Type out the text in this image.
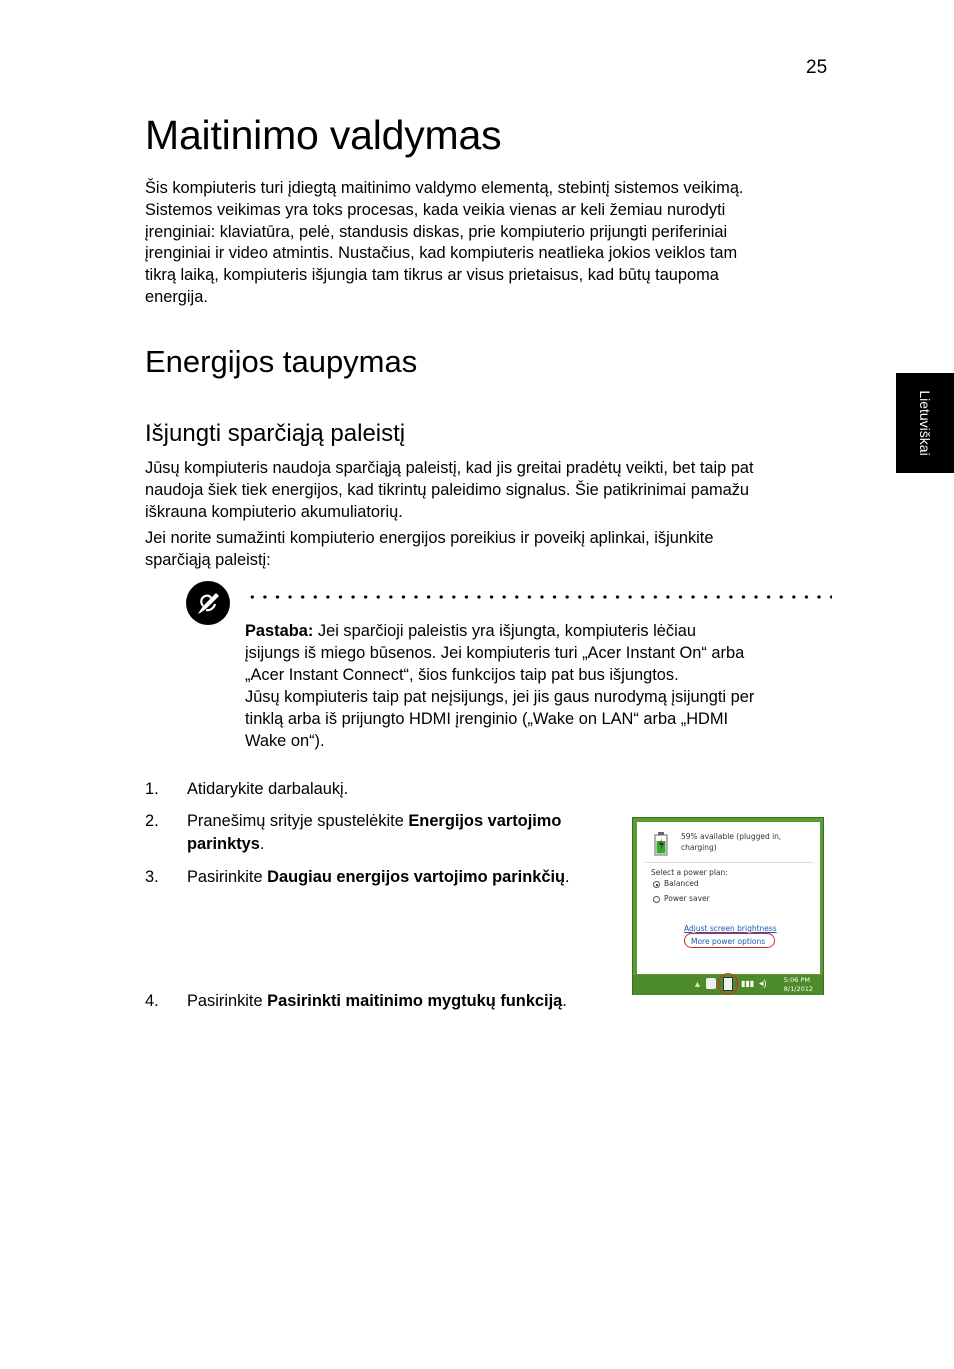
25
Maitinimo valdymas
Šis kompiuteris turi įdiegtą maitinimo valdymo elementą, stebintį sistemos veikimą.
Sistemos veikimas yra toks procesas, kada veikia vienas ar keli žemiau nurodyti
įrenginiai: klaviatūra, pelė, standusis diskas, prie kompiuterio prijungti periferiniai
įrenginiai ir video atmintis. Nustačius, kad kompiuteris neatlieka jokios veiklos tam
tikrą laiką, kompiuteris išjungia tam tikrus ar visus prietaisus, kad būtų taupoma
energija.
Energijos taupymas
Lietuviškai
Išjungti sparčiąją paleistį
Jūsų kompiuteris naudoja sparčiąją paleistį, kad jis greitai pradėtų veikti, bet taip pat
naudoja šiek tiek energijos, kad tikrintų paleidimo signalus. Šie patikrinimai pamažu
iškrauna kompiuterio akumuliatorių.
Jei norite sumažinti kompiuterio energijos poreikius ir poveikį aplinkai, išjunkite
sparčiąją paleistį:
Pastaba: Jei sparčioji paleistis yra išjungta, kompiuteris lėčiau
įsijungs iš miego būsenos. Jei kompiuteris turi „Acer Instant On“ arba
„Acer Instant Connect“, šios funkcijos taip pat bus išjungtos.
Jūsų kompiuteris taip pat neįsijungs, jei jis gaus nurodymą įsijungti per
tinklą arba iš prijungto HDMI įrenginio („Wake on LAN“ arba „HDMI
Wake on“).
1. Atidarykite darbalaukį.
2. Pranešimų srityje spustelėkite Energijos vartojimo
parinktys.
3. Pasirinkite Daugiau energijos vartojimo parinkčių.
4. Pasirinkite Pasirinkti maitinimo mygtukų funkciją.
59% available (plugged in,
charging)
Select a power plan:
Balanced
Power saver
Adjust screen brightness
More power options
▲	▮▮▮ ◂)	5:06 PM
8/1/2012
